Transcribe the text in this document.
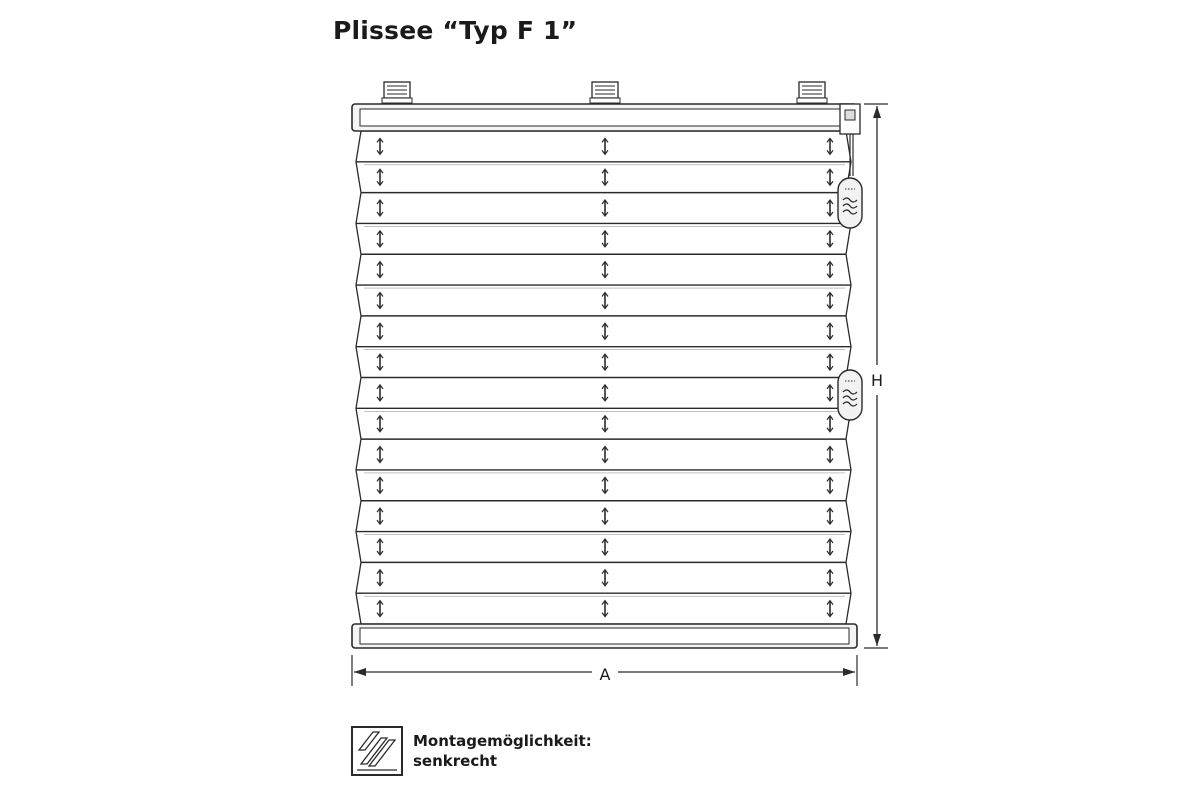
Plissee “Typ F 1”
A
H
Montagemöglichkeit:
senkrecht
